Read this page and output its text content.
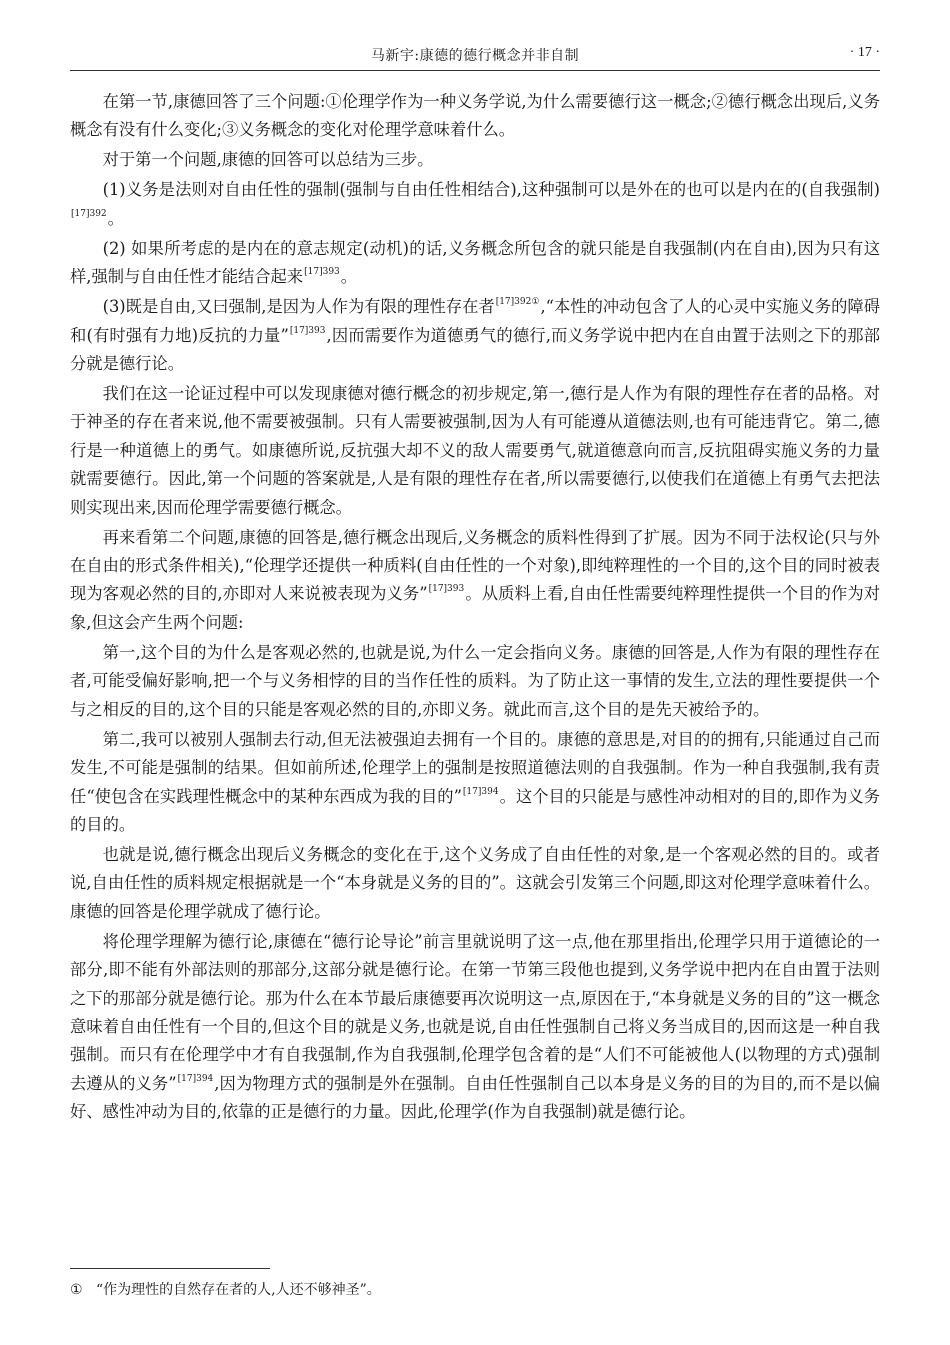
马新宇:康德的德行概念并非自制	· 17 ·

在第一节,康德回答了三个问题:①伦理学作为一种义务学说,为什么需要德行这一概念;②德行概念出现后,义务概念有没有什么变化;③义务概念的变化对伦理学意味着什么。

对于第一个问题,康德的回答可以总结为三步。

(1)义务是法则对自由任性的强制(强制与自由任性相结合),这种强制可以是外在的也可以是内在的(自我强制)$^{[17]392}$。

(2) 如果所考虑的是内在的意志规定(动机)的话,义务概念所包含的就只能是自我强制(内在自由),因为只有这样,强制与自由任性才能结合起来$^{[17]393}$。

(3)既是自由,又曰强制,是因为人作为有限的理性存在者$^{[17]392①}$,“本性的冲动包含了人的心灵中实施义务的障碍和(有时强有力地)反抗的力量”$^{[17]393}$,因而需要作为道德勇气的德行,而义务学说中把内在自由置于法则之下的那部分就是德行论。

我们在这一论证过程中可以发现康德对德行概念的初步规定,第一,德行是人作为有限的理性存在者的品格。对于神圣的存在者来说,他不需要被强制。只有人需要被强制,因为人有可能遵从道德法则,也有可能违背它。第二,德行是一种道德上的勇气。如康德所说,反抗强大却不义的敌人需要勇气,就道德意向而言,反抗阻碍实施义务的力量就需要德行。因此,第一个问题的答案就是,人是有限的理性存在者,所以需要德行,以使我们在道德上有勇气去把法则实现出来,因而伦理学需要德行概念。

再来看第二个问题,康德的回答是,德行概念出现后,义务概念的质料性得到了扩展。因为不同于法权论(只与外在自由的形式条件相关),“伦理学还提供一种质料(自由任性的一个对象),即纯粹理性的一个目的,这个目的同时被表现为客观必然的目的,亦即对人来说被表现为义务”$^{[17]393}$。从质料上看,自由任性需要纯粹理性提供一个目的作为对象,但这会产生两个问题:

第一,这个目的为什么是客观必然的,也就是说,为什么一定会指向义务。康德的回答是,人作为有限的理性存在者,可能受偏好影响,把一个与义务相悖的目的当作任性的质料。为了防止这一事情的发生,立法的理性要提供一个与之相反的目的,这个目的只能是客观必然的目的,亦即义务。就此而言,这个目的是先天被给予的。

第二,我可以被别人强制去行动,但无法被强迫去拥有一个目的。康德的意思是,对目的的拥有,只能通过自己而发生,不可能是强制的结果。但如前所述,伦理学上的强制是按照道德法则的自我强制。作为一种自我强制,我有责任“使包含在实践理性概念中的某种东西成为我的目的”$^{[17]394}$。这个目的只能是与感性冲动相对的目的,即作为义务的目的。

也就是说,德行概念出现后义务概念的变化在于,这个义务成了自由任性的对象,是一个客观必然的目的。或者说,自由任性的质料规定根据就是一个“本身就是义务的目的”。这就会引发第三个问题,即这对伦理学意味着什么。康德的回答是伦理学就成了德行论。

将伦理学理解为德行论,康德在“德行论导论”前言里就说明了这一点,他在那里指出,伦理学只用于道德论的一部分,即不能有外部法则的那部分,这部分就是德行论。在第一节第三段他也提到,义务学说中把内在自由置于法则之下的那部分就是德行论。那为什么在本节最后康德要再次说明这一点,原因在于,“本身就是义务的目的”这一概念意味着自由任性有一个目的,但这个目的就是义务,也就是说,自由任性强制自己将义务当成目的,因而这是一种自我强制。而只有在伦理学中才有自我强制,作为自我强制,伦理学包含着的是“人们不可能被他人(以物理的方式)强制去遵从的义务”$^{[17]394}$,因为物理方式的强制是外在强制。自由任性强制自己以本身是义务的目的为目的,而不是以偏好、感性冲动为目的,依靠的正是德行的力量。因此,伦理学(作为自我强制)就是德行论。

① “作为理性的自然存在者的人,人还不够神圣”。
